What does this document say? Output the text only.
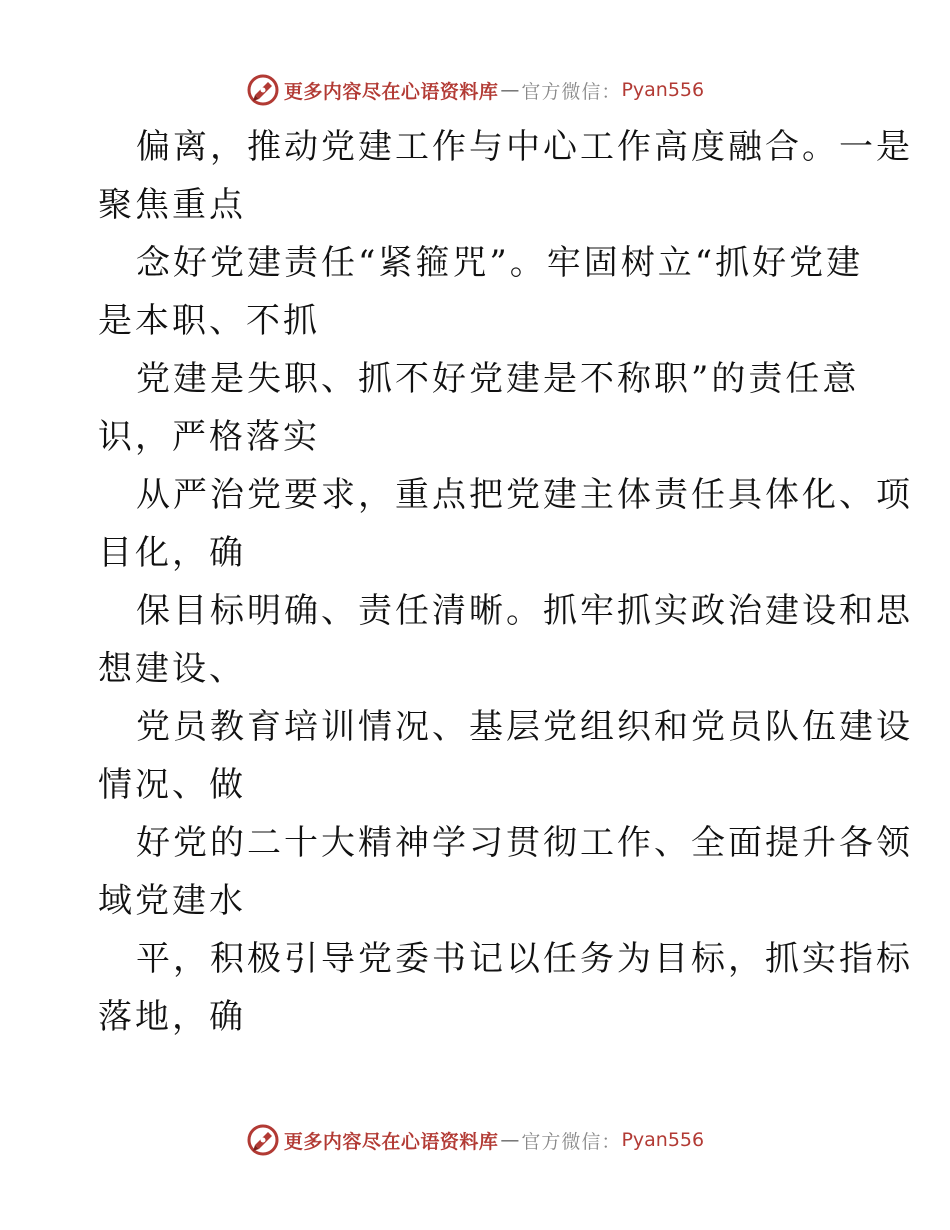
更多内容尽在心语资料库 — 官方微信： Pyan556

偏离，推动党建工作与中心工作高度融合。一是
聚焦重点

念好党建责任“紧箍咒”。牢固树立“抓好党建
是本职、不抓

党建是失职、抓不好党建是不称职”的责任意
识，严格落实

从严治党要求，重点把党建主体责任具体化、项
目化，确

保目标明确、责任清晰。抓牢抓实政治建设和思
想建设、

党员教育培训情况、基层党组织和党员队伍建设
情况、做

好党的二十大精神学习贯彻工作、全面提升各领
域党建水

平，积极引导党委书记以任务为目标，抓实指标
落地，确

更多内容尽在心语资料库 — 官方微信： Pyan556
